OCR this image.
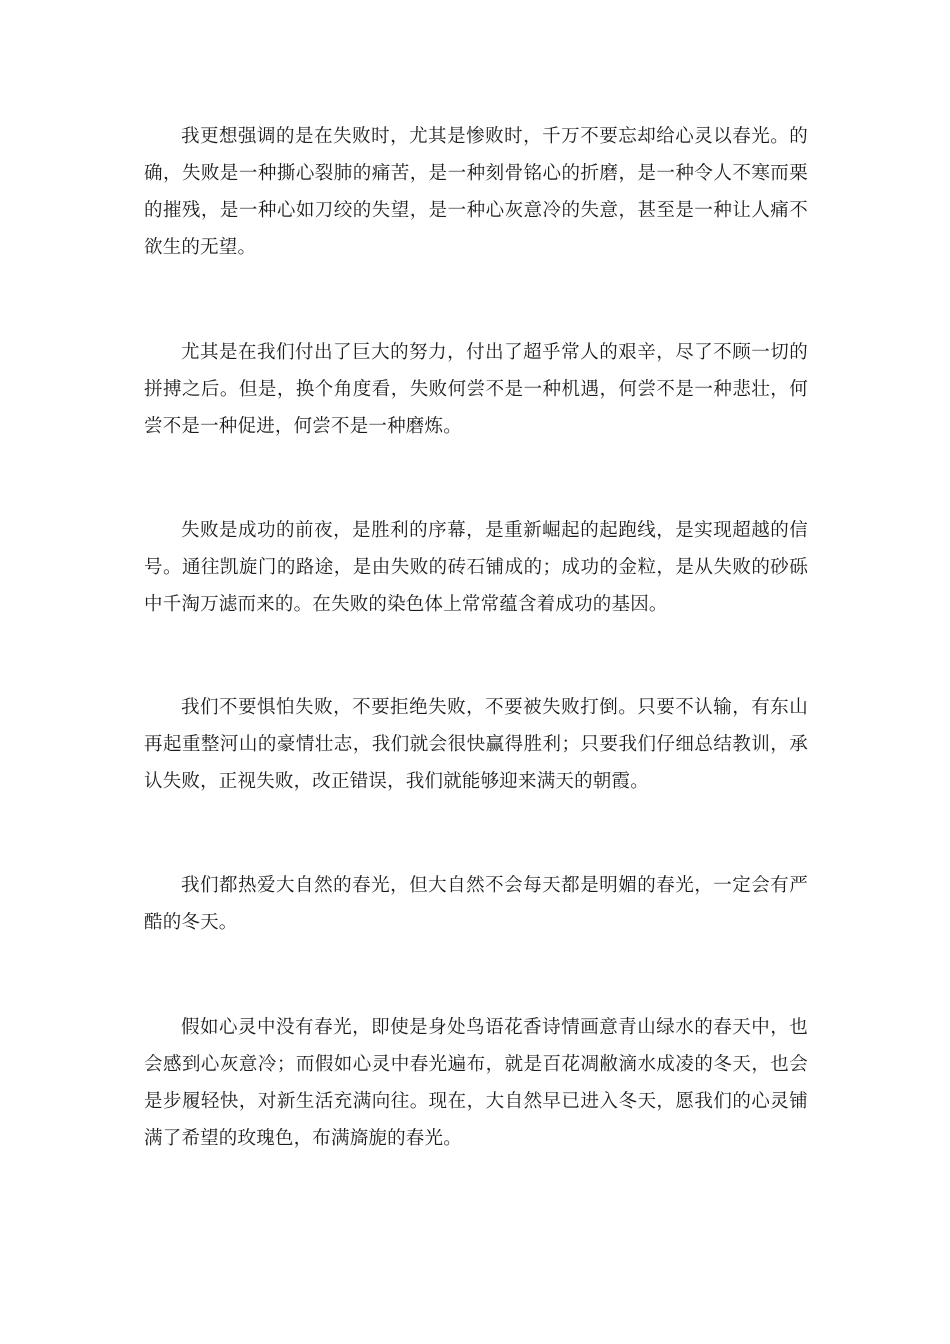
我更想强调的是在失败时，尤其是惨败时，千万不要忘却给心灵以春光。的确，失败是一种撕心裂肺的痛苦，是一种刻骨铭心的折磨，是一种令人不寒而栗的摧残，是一种心如刀绞的失望，是一种心灰意冷的失意，甚至是一种让人痛不欲生的无望。

尤其是在我们付出了巨大的努力，付出了超乎常人的艰辛，尽了不顾一切的拼搏之后。但是，换个角度看，失败何尝不是一种机遇，何尝不是一种悲壮，何尝不是一种促进，何尝不是一种磨炼。

失败是成功的前夜，是胜利的序幕，是重新崛起的起跑线，是实现超越的信号。通往凯旋门的路途，是由失败的砖石铺成的；成功的金粒，是从失败的砂砾中千淘万滤而来的。在失败的染色体上常常蕴含着成功的基因。

我们不要惧怕失败，不要拒绝失败，不要被失败打倒。只要不认输，有东山再起重整河山的豪情壮志，我们就会很快赢得胜利；只要我们仔细总结教训，承认失败，正视失败，改正错误，我们就能够迎来满天的朝霞。

我们都热爱大自然的春光，但大自然不会每天都是明媚的春光，一定会有严酷的冬天。

假如心灵中没有春光，即使是身处鸟语花香诗情画意青山绿水的春天中，也会感到心灰意冷；而假如心灵中春光遍布，就是百花凋敝滴水成凌的冬天，也会是步履轻快，对新生活充满向往。现在，大自然早已进入冬天，愿我们的心灵铺满了希望的玫瑰色，布满旖旎的春光。
